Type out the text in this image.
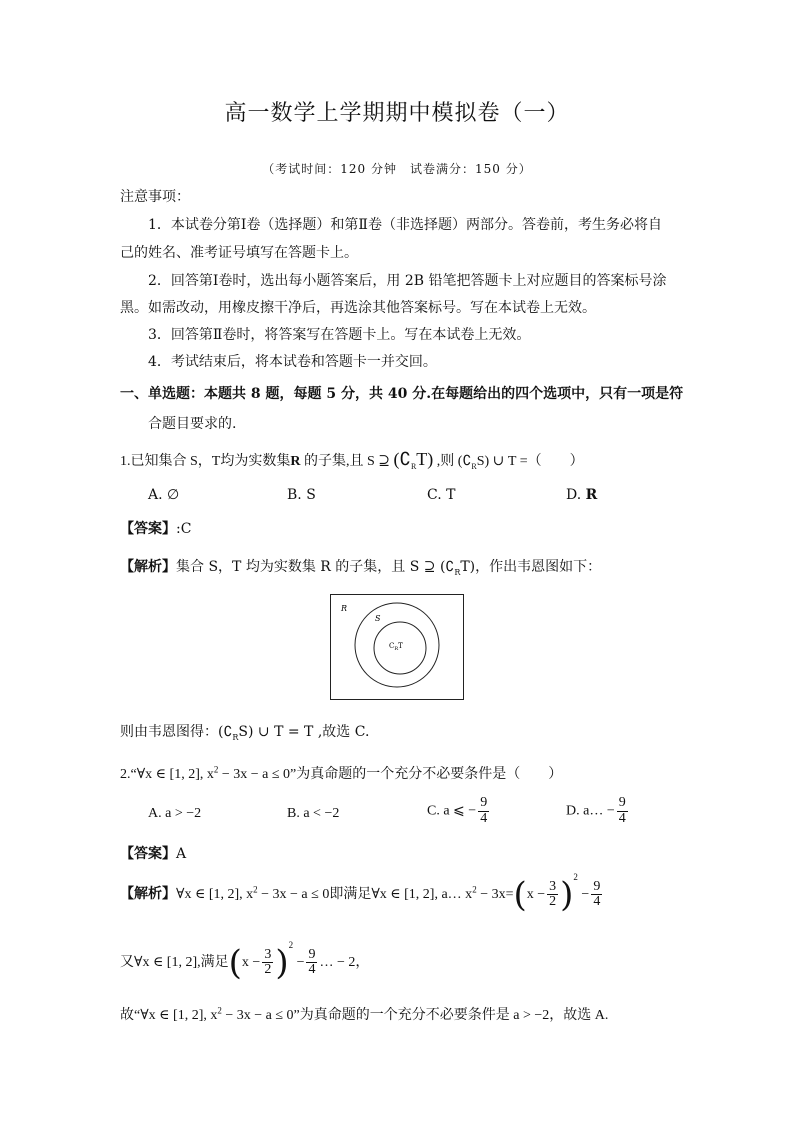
高一数学上学期期中模拟卷（一）
（考试时间：120 分钟　试卷满分：150 分）
注意事项：
1．本试卷分第Ⅰ卷（选择题）和第Ⅱ卷（非选择题）两部分。答卷前，考生务必将自
己的姓名、准考证号填写在答题卡上。
2．回答第Ⅰ卷时，选出每小题答案后，用 2B 铅笔把答题卡上对应题目的答案标号涂
黑。如需改动，用橡皮擦干净后，再选涂其他答案标号。写在本试卷上无效。
3．回答第Ⅱ卷时，将答案写在答题卡上。写在本试卷上无效。
4．考试结束后，将本试卷和答题卡一并交回。
一、单选题：本题共 8 题，每题 5 分，共 40 分.在每题给出的四个选项中，只有一项是符
合题目要求的.
1.已知集合 S，T均为实数集R 的子集,且 S ⊇ $(∁_RT)$ ,则 $(∁_RS)$ ∪ T =（　　）
A. ∅	B. S	C. T	D. R
【答案】:C
【解析】集合 S，T 均为实数集 R 的子集，且 S ⊇ $(∁_RT)$，作出韦恩图如下：
R
S
$C_RT$
则由韦恩图得：$(∁_RS)$ ∪ T = T ,故选 C.
2.“∀x ∈ [1, 2], $x^2 - 3x - a \le 0$”为真命题的一个充分不必要条件是（　　）
A. a > −2	B. a < −2	C. a ⩽ − $\frac{9}{4}$	D. a… − $\frac{9}{4}$
【答案】A
【解析】∀x ∈ [1, 2], $x^2 - 3x - a \le 0$即满足∀x ∈ [1, 2], a… $x^2 - 3x=(x - \frac{3}{2} )^2 - \frac{9}{4}$
又∀x ∈ [1, 2],满足$(x - \frac{3}{2} )^2 - \frac{9}{4}$ … − 2，
故“∀x ∈ [1, 2], $x^2 - 3x - a \le 0$”为真命题的一个充分不必要条件是 a > −2，故选 A.
